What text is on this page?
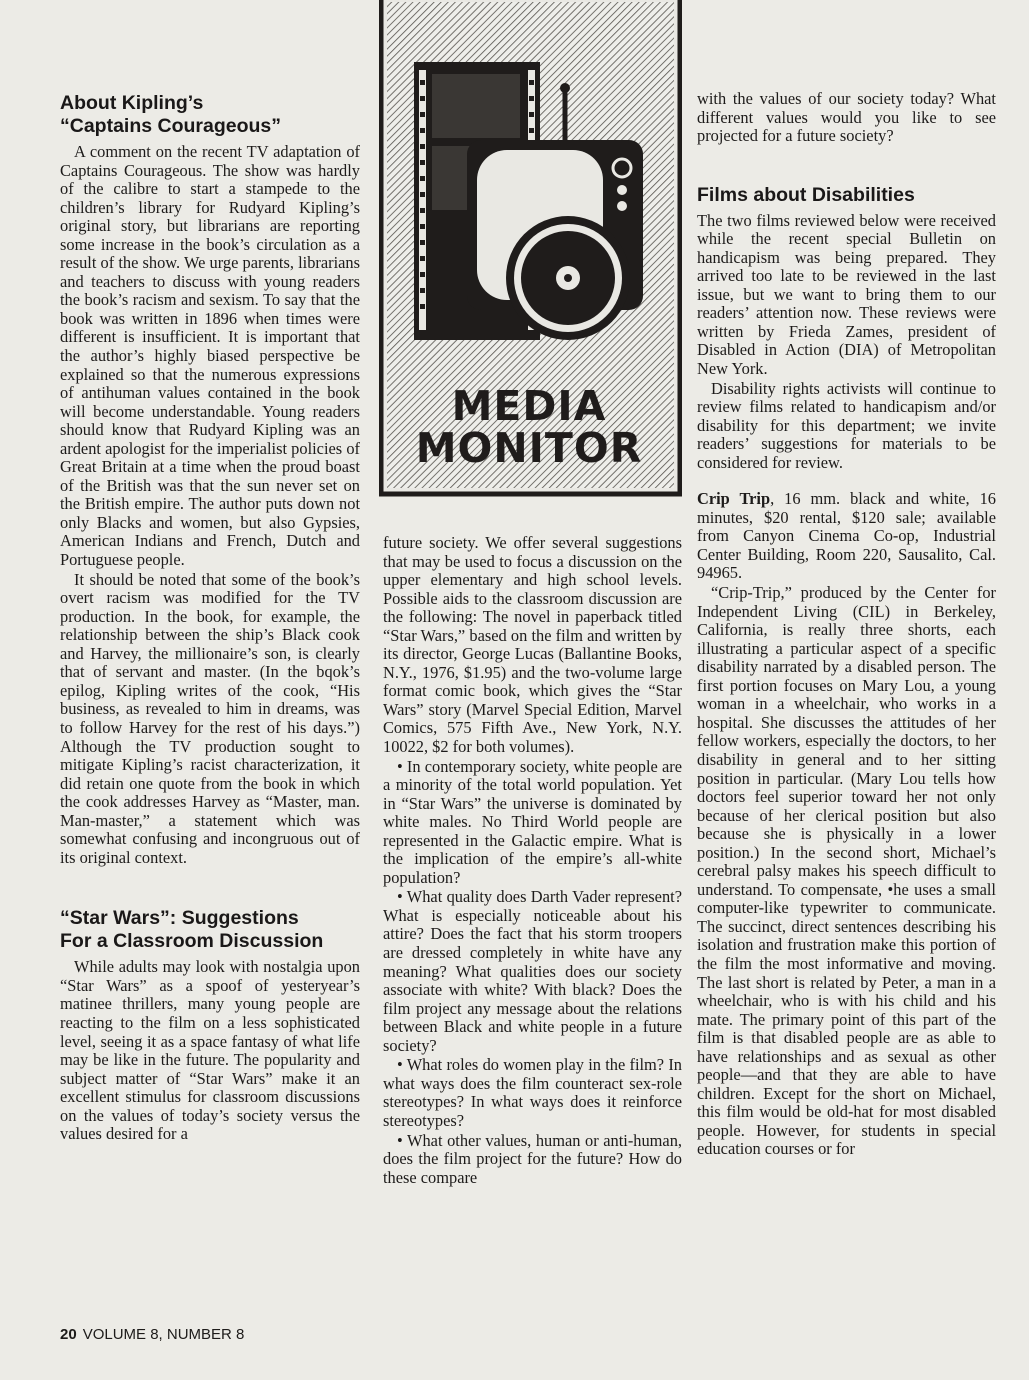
MEDIA
MONITOR
About Kipling’s
“Captains Courageous”

A comment on the recent TV adaptation of Captains Courageous. The show was hardly of the calibre to start a stampede to the children’s library for Rudyard Kipling’s original story, but librarians are reporting some increase in the book’s circulation as a result of the show. We urge parents, librarians and teachers to discuss with young readers the book’s racism and sexism. To say that the book was written in 1896 when times were different is insufficient. It is important that the author’s highly biased perspective be explained so that the numerous expressions of antihuman values contained in the book will become understandable. Young readers should know that Rudyard Kipling was an ardent apologist for the imperialist policies of Great Britain at a time when the proud boast of the British was that the sun never set on the British empire. The author puts down not only Blacks and women, but also Gypsies, American Indians and French, Dutch and Portuguese people.

It should be noted that some of the book’s overt racism was modified for the TV production. In the book, for example, the relationship between the ship’s Black cook and Harvey, the millionaire’s son, is clearly that of servant and master. (In the bqok’s epilog, Kipling writes of the cook, “His business, as revealed to him in dreams, was to follow Harvey for the rest of his days.”) Although the TV production sought to mitigate Kipling’s racist characterization, it did retain one quote from the book in which the cook addresses Harvey as “Master, man. Man-master,” a statement which was somewhat confusing and incongruous out of its original context.

“Star Wars”: Suggestions
For a Classroom Discussion

While adults may look with nostalgia upon “Star Wars” as a spoof of yesteryear’s matinee thrillers, many young people are reacting to the film on a less sophisticated level, seeing it as a space fantasy of what life may be like in the future. The popularity and subject matter of “Star Wars” make it an excellent stimulus for classroom discussions on the values of today’s society versus the values desired for a

future society. We offer several suggestions that may be used to focus a discussion on the upper elementary and high school levels. Possible aids to the classroom discussion are the following: The novel in paperback titled “Star Wars,” based on the film and written by its director, George Lucas (Ballantine Books, N.Y., 1976, $1.95) and the two-volume large format comic book, which gives the “Star Wars” story (Marvel Special Edition, Marvel Comics, 575 Fifth Ave., New York, N.Y. 10022, $2 for both volumes).

• In contemporary society, white people are a minority of the total world population. Yet in “Star Wars” the universe is dominated by white males. No Third World people are represented in the Galactic empire. What is the implication of the empire’s all-white population?

• What quality does Darth Vader represent? What is especially noticeable about his attire? Does the fact that his storm troopers are dressed completely in white have any meaning? What qualities does our society associate with white? With black? Does the film project any message about the relations between Black and white people in a future society?

• What roles do women play in the film? In what ways does the film counteract sex-role stereotypes? In what ways does it reinforce stereotypes?

• What other values, human or anti-human, does the film project for the future? How do these compare

with the values of our society today? What different values would you like to see projected for a future society?

Films about Disabilities

The two films reviewed below were received while the recent special Bulletin on handicapism was being prepared. They arrived too late to be reviewed in the last issue, but we want to bring them to our readers’ attention now. These reviews were written by Frieda Zames, president of Disabled in Action (DIA) of Metropolitan New York.

Disability rights activists will continue to review films related to handicapism and/or disability for this department; we invite readers’ suggestions for materials to be considered for review.

Crip Trip, 16 mm. black and white, 16 minutes, $20 rental, $120 sale; available from Canyon Cinema Co-op, Industrial Center Building, Room 220, Sausalito, Cal. 94965.

“Crip-Trip,” produced by the Center for Independent Living (CIL) in Berkeley, California, is really three shorts, each illustrating a particular aspect of a specific disability narrated by a disabled person. The first portion focuses on Mary Lou, a young woman in a wheelchair, who works in a hospital. She discusses the attitudes of her fellow workers, especially the doctors, to her disability in general and to her sitting position in particular. (Mary Lou tells how doctors feel superior toward her not only because of her clerical position but also because she is physically in a lower position.) In the second short, Michael’s cerebral palsy makes his speech difficult to understand. To compensate, •he uses a small computer-like typewriter to communicate. The succinct, direct sentences describing his isolation and frustration make this portion of the film the most informative and moving. The last short is related by Peter, a man in a wheelchair, who is with his child and his mate. The primary point of this part of the film is that disabled people are as able to have relationships and as sexual as other people—and that they are able to have children. Except for the short on Michael, this film would be old-hat for most disabled people. However, for students in special education courses or for

20 VOLUME 8, NUMBER 8
